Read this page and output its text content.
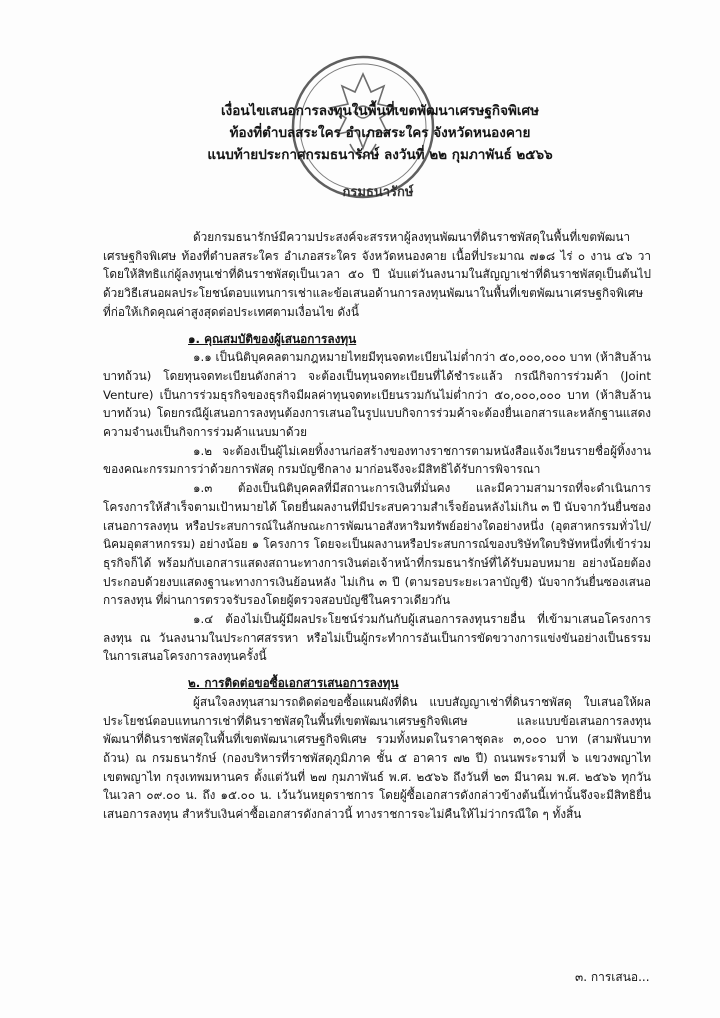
เงื่อนไขเสนอการลงทุนในพื้นที่เขตพัฒนาเศรษฐกิจพิเศษ
ท้องที่ตำบลสระใคร อำเภอสระใคร จังหวัดหนองคาย
แนบท้ายประกาศกรมธนารักษ์ ลงวันที่ ๒๒ กุมภาพันธ์ ๒๕๖๖
กรมธนารักษ์

ด้วยกรมธนารักษ์มีความประสงค์จะสรรหาผู้ลงทุนพัฒนาที่ดินราชพัสดุในพื้นที่เขตพัฒนาเศรษฐกิจพิเศษ ท้องที่ตำบลสระใคร อำเภอสระใคร จังหวัดหนองคาย เนื้อที่ประมาณ ๗๑๘ ไร่ ๐ งาน ๔๖ วา โดยให้สิทธิแก่ผู้ลงทุนเช่าที่ดินราชพัสดุเป็นเวลา ๕๐ ปี นับแต่วันลงนามในสัญญาเช่าที่ดินราชพัสดุเป็นต้นไป ด้วยวิธีเสนอผลประโยชน์ตอบแทนการเช่าและข้อเสนอด้านการลงทุนพัฒนาในพื้นที่เขตพัฒนาเศรษฐกิจพิเศษ ที่ก่อให้เกิดคุณค่าสูงสุดต่อประเทศตามเงื่อนไข ดังนี้

๑. คุณสมบัติของผู้เสนอการลงทุน

๑.๑ เป็นนิติบุคคลตามกฎหมายไทยมีทุนจดทะเบียนไม่ต่ำกว่า ๕๐,๐๐๐,๐๐๐ บาท (ห้าสิบล้านบาทถ้วน) โดยทุนจดทะเบียนดังกล่าว จะต้องเป็นทุนจดทะเบียนที่ได้ชำระแล้ว กรณีกิจการร่วมค้า (Joint Venture) เป็นการร่วมธุรกิจของธุรกิจมีผลค่าทุนจดทะเบียนรวมกันไม่ต่ำกว่า ๕๐,๐๐๐,๐๐๐ บาท (ห้าสิบล้านบาทถ้วน) โดยกรณีผู้เสนอการลงทุนต้องการเสนอในรูปแบบกิจการร่วมค้าจะต้องยื่นเอกสารและหลักฐานแสดงความจำนงเป็นกิจการร่วมค้าแนบมาด้วย

๑.๒ จะต้องเป็นผู้ไม่เคยทิ้งงานก่อสร้างของทางราชการตามหนังสือแจ้งเวียนรายชื่อผู้ทิ้งงานของคณะกรรมการว่าด้วยการพัสดุ กรมบัญชีกลาง มาก่อนจึงจะมีสิทธิได้รับการพิจารณา

๑.๓ ต้องเป็นนิติบุคคลที่มีสถานะการเงินที่มั่นคง และมีความสามารถที่จะดำเนินการโครงการให้สำเร็จตามเป้าหมายได้ โดยยื่นผลงานที่มีประสบความสำเร็จย้อนหลังไม่เกิน ๓ ปี นับจากวันยื่นซองเสนอการลงทุน หรือประสบการณ์ในลักษณะการพัฒนาอสังหาริมทรัพย์อย่างใดอย่างหนึ่ง (อุตสาหกรรมทั่วไป/นิคมอุตสาหกรรม) อย่างน้อย ๑ โครงการ โดยจะเป็นผลงานหรือประสบการณ์ของบริษัทใดบริษัทหนึ่งที่เข้าร่วมธุรกิจก็ได้ พร้อมกับเอกสารแสดงสถานะทางการเงินต่อเจ้าหน้าที่กรมธนารักษ์ที่ได้รับมอบหมาย อย่างน้อยต้องประกอบด้วยงบแสดงฐานะทางการเงินย้อนหลัง ไม่เกิน ๓ ปี (ตามรอบระยะเวลาบัญชี) นับจากวันยื่นซองเสนอการลงทุน ที่ผ่านการตรวจรับรองโดยผู้ตรวจสอบบัญชีในคราวเดียวกัน

๑.๔ ต้องไม่เป็นผู้มีผลประโยชน์ร่วมกันกับผู้เสนอการลงทุนรายอื่น ที่เข้ามาเสนอโครงการลงทุน ณ วันลงนามในประกาศสรรหา หรือไม่เป็นผู้กระทำการอันเป็นการขัดขวางการแข่งขันอย่างเป็นธรรมในการเสนอโครงการลงทุนครั้งนี้

๒. การติดต่อขอซื้อเอกสารเสนอการลงทุน

ผู้สนใจลงทุนสามารถติดต่อขอซื้อแผนผังที่ดิน แบบสัญญาเช่าที่ดินราชพัสดุ ใบเสนอให้ผลประโยชน์ตอบแทนการเช่าที่ดินราชพัสดุในพื้นที่เขตพัฒนาเศรษฐกิจพิเศษ และแบบข้อเสนอการลงทุนพัฒนาที่ดินราชพัสดุในพื้นที่เขตพัฒนาเศรษฐกิจพิเศษ รวมทั้งหมดในราคาชุดละ ๓,๐๐๐ บาท (สามพันบาทถ้วน) ณ กรมธนารักษ์ (กองบริหารที่ราชพัสดุภูมิภาค ชั้น ๕ อาคาร ๗๒ ปี) ถนนพระรามที่ ๖ แขวงพญาไท เขตพญาไท กรุงเทพมหานคร ตั้งแต่วันที่ ๒๗ กุมภาพันธ์ พ.ศ. ๒๕๖๖ ถึงวันที่ ๒๓ มีนาคม พ.ศ. ๒๕๖๖ ทุกวันในเวลา ๐๙.๐๐ น. ถึง ๑๕.๐๐ น. เว้นวันหยุดราชการ โดยผู้ซื้อเอกสารดังกล่าวข้างต้นนี้เท่านั้นจึงจะมีสิทธิยื่นเสนอการลงทุน สำหรับเงินค่าซื้อเอกสารดังกล่าวนี้ ทางราชการจะไม่คืนให้ไม่ว่ากรณีใด ๆ ทั้งสิ้น

๓. การเสนอ...
